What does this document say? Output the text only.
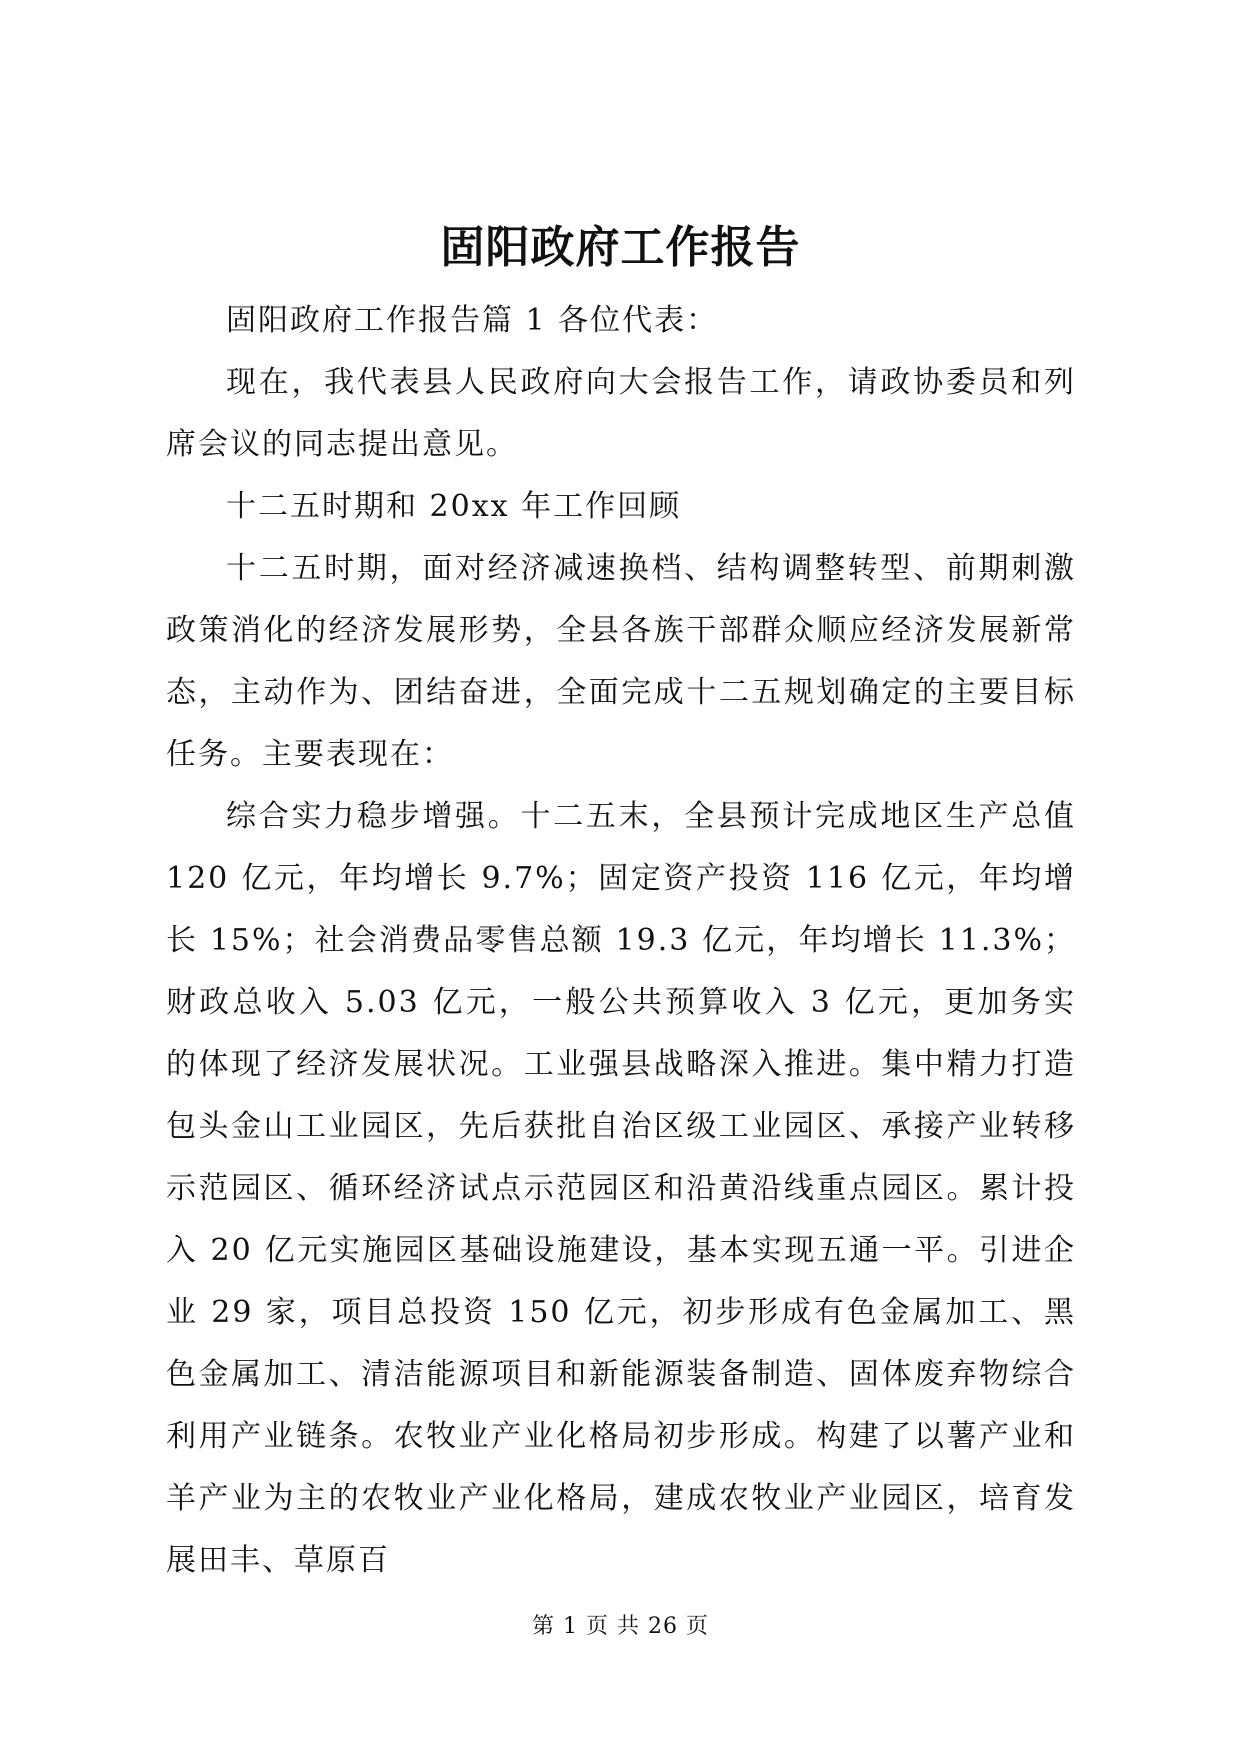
固阳政府工作报告

固阳政府工作报告篇 1 各位代表：

现在，我代表县人民政府向大会报告工作，请政协委员和列席会议的同志提出意见。

十二五时期和 20xx 年工作回顾

十二五时期，面对经济减速换档、结构调整转型、前期刺激政策消化的经济发展形势，全县各族干部群众顺应经济发展新常态，主动作为、团结奋进，全面完成十二五规划确定的主要目标任务。主要表现在：

综合实力稳步增强。十二五末，全县预计完成地区生产总值 120 亿元，年均增长 9.7%；固定资产投资 116 亿元，年均增长 15%；社会消费品零售总额 19.3 亿元，年均增长 11.3%；财政总收入 5.03 亿元，一般公共预算收入 3 亿元，更加务实的体现了经济发展状况。工业强县战略深入推进。集中精力打造包头金山工业园区，先后获批自治区级工业园区、承接产业转移示范园区、循环经济试点示范园区和沿黄沿线重点园区。累计投入 20 亿元实施园区基础设施建设，基本实现五通一平。引进企业 29 家，项目总投资 150 亿元，初步形成有色金属加工、黑色金属加工、清洁能源项目和新能源装备制造、固体废弃物综合利用产业链条。农牧业产业化格局初步形成。构建了以薯产业和羊产业为主的农牧业产业化格局，建成农牧业产业园区，培育发展田丰、草原百

第 1 页 共 26 页
